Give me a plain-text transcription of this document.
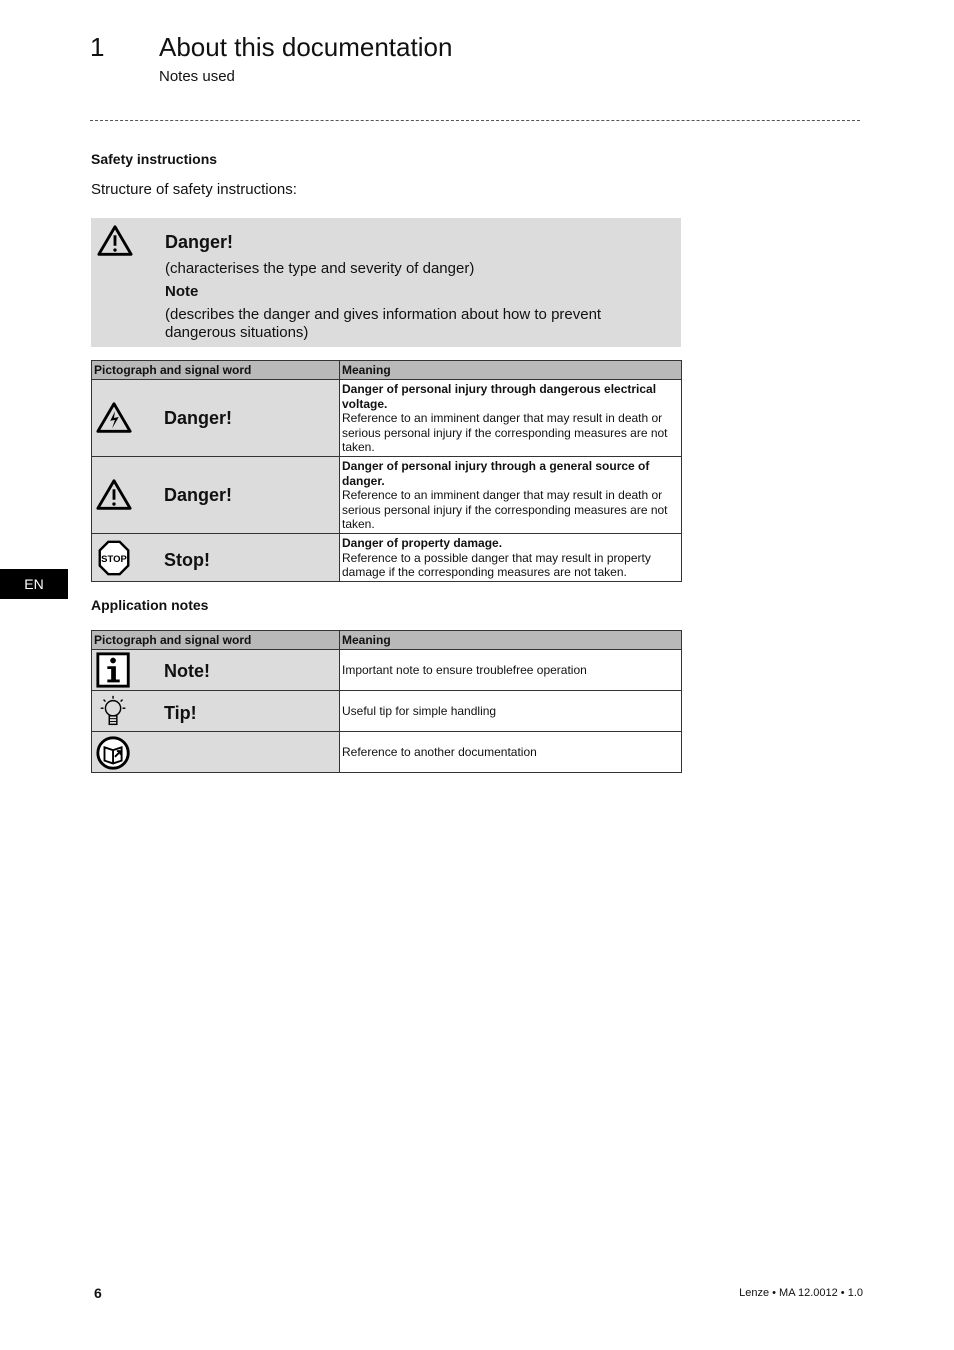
1 About this documentation
Notes used
Safety instructions
Structure of safety instructions:
Danger!
(characterises the type and severity of danger)
Note
(describes the danger and gives information about how to prevent dangerous situations)
Pictograph and signal word	Meaning

Danger!	Danger of personal injury through dangerous electrical voltage.
Reference to an imminent danger that may result in death or serious personal injury if the corresponding measures are not taken.

Danger!	Danger of personal injury through a general source of danger.
Reference to an imminent danger that may result in death or serious personal injury if the corresponding measures are not taken.

STOP Stop!	Danger of property damage.
Reference to a possible danger that may result in property damage if the corresponding measures are not taken.
Application notes
Pictograph and signal word	Meaning

Note!	Important note to ensure troublefree operation

Tip!	Useful tip for simple handling

	Reference to another documentation
EN
6	Lenze • MA 12.0012 • 1.0
